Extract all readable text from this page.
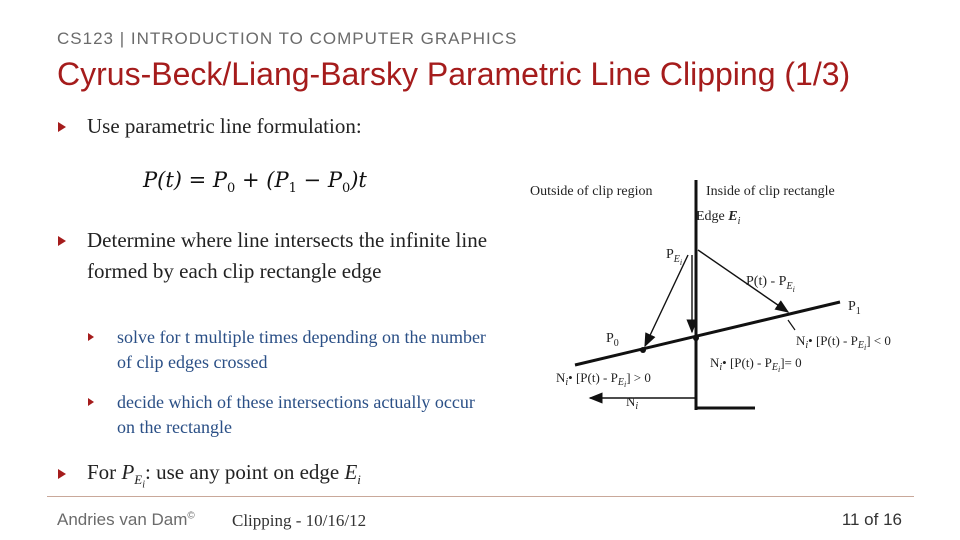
CS123 | INTRODUCTION TO COMPUTER GRAPHICS
Cyrus-Beck/Liang-Barsky Parametric Line Clipping (1/3)
Use parametric line formulation:
$P(t) = P_0 + (P_1 - P_0)t$
Determine where line intersects the infinite line formed by each clip rectangle edge
solve for t multiple times depending on the number of clip edges crossed
decide which of these intersections actually occur on the rectangle
For $P_{E_i}$: use any point on edge $E_i$
Outside of clip region	Inside of clip rectangle
Edge $E_i$
$P_{Ei}$
$P_1$
$P_0$
$P(t) - P_{Ei}$
$N_i•$ $[P(t) - P_Ei] < 0$
$N_i•$ $[P(t) - P_Ei]= 0$
$N_i•$ $[P(t) - P_Ei] > 0$
$N_i$
Andries van Dam© Clipping - 10/16/12	11 of 16
